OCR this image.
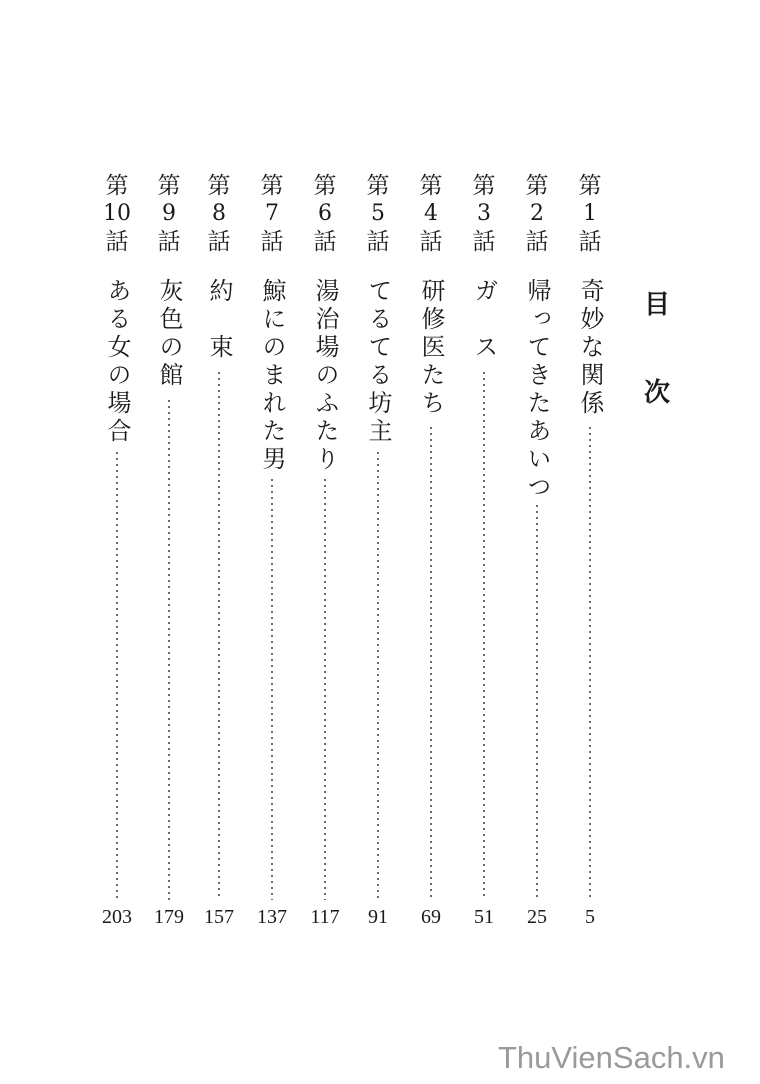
目
次
第
1
話
奇妙な関係
5
第
2
話
帰ってきたあいつ
25
第
3
話
ガ　ス
51
第
4
話
研修医たち
69
第
5
話
てるてる坊主
91
第
6
話
湯治場のふたり
117
第
7
話
鯨にのまれた男
137
第
8
話
約　束
157
第
9
話
灰色の館
179
第
10
話
ある女の場合
203
ThuVienSach.vn
